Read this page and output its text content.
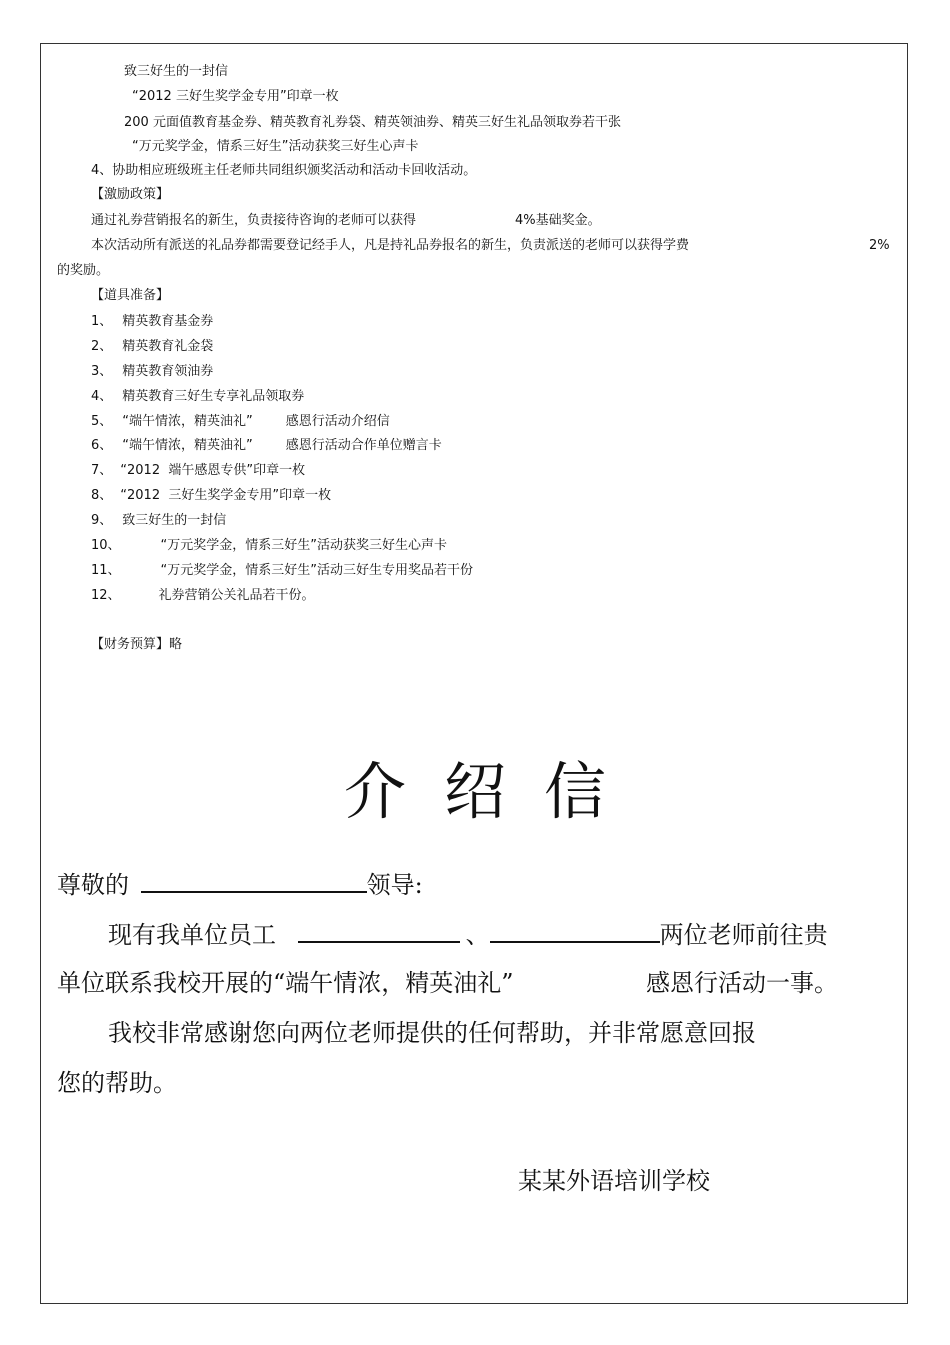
致三好生的一封信
“2012 三好生奖学金专用”印章一枚
200 元面值教育基金券、精英教育礼券袋、精英领油券、精英三好生礼品领取券若干张
“万元奖学金，情系三好生”活动获奖三好生心声卡
4、协助相应班级班主任老师共同组织颁奖活动和活动卡回收活动。
【激励政策】
通过礼券营销报名的新生，负责接待咨询的老师可以获得	4%基础奖金。
本次活动所有派送的礼品券都需要登记经手人，凡是持礼品券报名的新生，负责派送的老师可以获得学费	2%
的奖励。
【道具准备】
1、 精英教育基金券
2、 精英教育礼金袋
3、 精英教育领油券
4、 精英教育三好生专享礼品领取券
5、 “端午情浓，精英油礼”        感恩行活动介绍信
6、 “端午情浓，精英油礼”        感恩行活动合作单位赠言卡
7、 “2012  端午感恩专供”印章一枚
8、 “2012  三好生奖学金专用”印章一枚
9、 致三好生的一封信
10、	“万元奖学金，情系三好生”活动获奖三好生心声卡
11、	“万元奖学金，情系三好生”活动三好生专用奖品若干份
12、	礼券营销公关礼品若干份。
【财务预算】略
介绍信
尊敬的	领导:
现有我单位员工	、	两位老师前往贵
单位联系我校开展的“端午情浓，精英油礼”	感恩行活动一事。
我校非常感谢您向两位老师提供的任何帮助，并非常愿意回报
您的帮助。
某某外语培训学校
